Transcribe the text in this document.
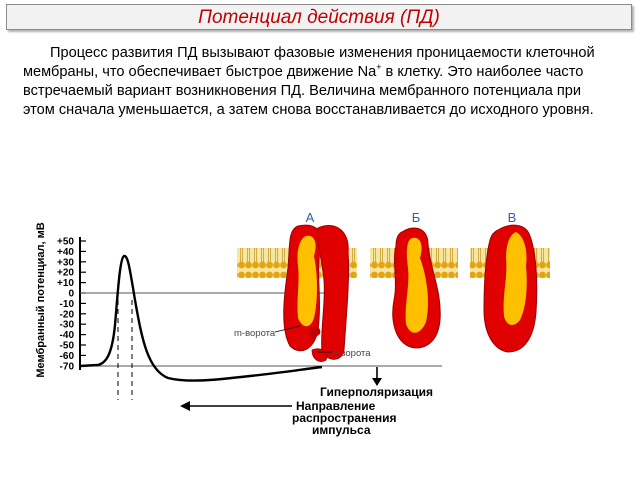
Потенциал действия (ПД)

Процесс развития ПД вызывают фазовые изменения проницаемости клеточной мембраны, что обеспечивает быстрое движение Na+ в клетку. Это наиболее часто встречаемый вариант возникновения ПД. Величина мембранного потенциала при этом сначала уменьшается, а затем снова восстанавливается до исходного уровня.

Мембранный потенциал, мВ +50
+40
+30
+20
+10
0
-10
-20
-30
-40
-50
-60
-70
m-ворота
h-ворота
А	Б	В
Гиперполяризация
Направление
распространения
импульса
